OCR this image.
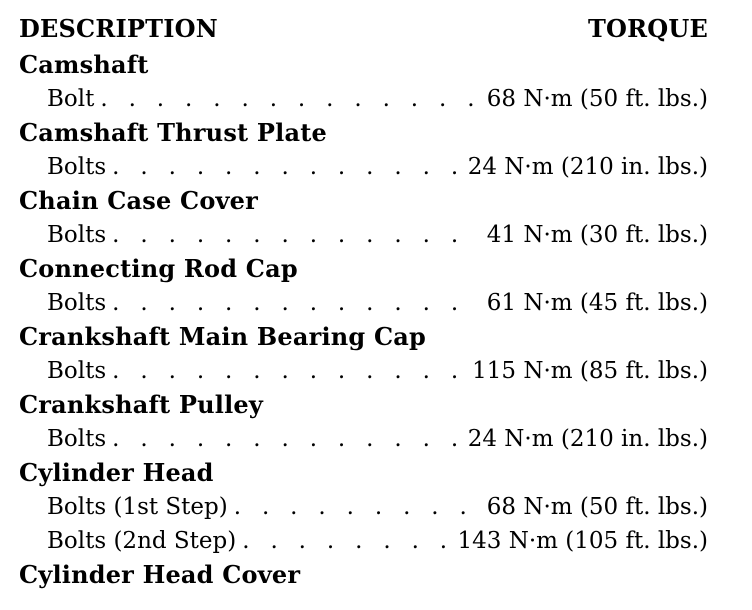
DESCRIPTION	TORQUE
Camshaft
Bolt . . .	68 N·m (50 ft. lbs.)
Camshaft Thrust Plate
Bolts . . .	24 N·m (210 in. lbs.)
Chain Case Cover
Bolts . . .	41 N·m (30 ft. lbs.)
Connecting Rod Cap
Bolts . . .	61 N·m (45 ft. lbs.)
Crankshaft Main Bearing Cap
Bolts . . .	115 N·m (85 ft. lbs.)
Crankshaft Pulley
Bolts . . .	24 N·m (210 in. lbs.)
Cylinder Head
Bolts (1st Step) . . .	68 N·m (50 ft. lbs.)
Bolts (2nd Step) . . .	143 N·m (105 ft. lbs.)
Cylinder Head Cover
